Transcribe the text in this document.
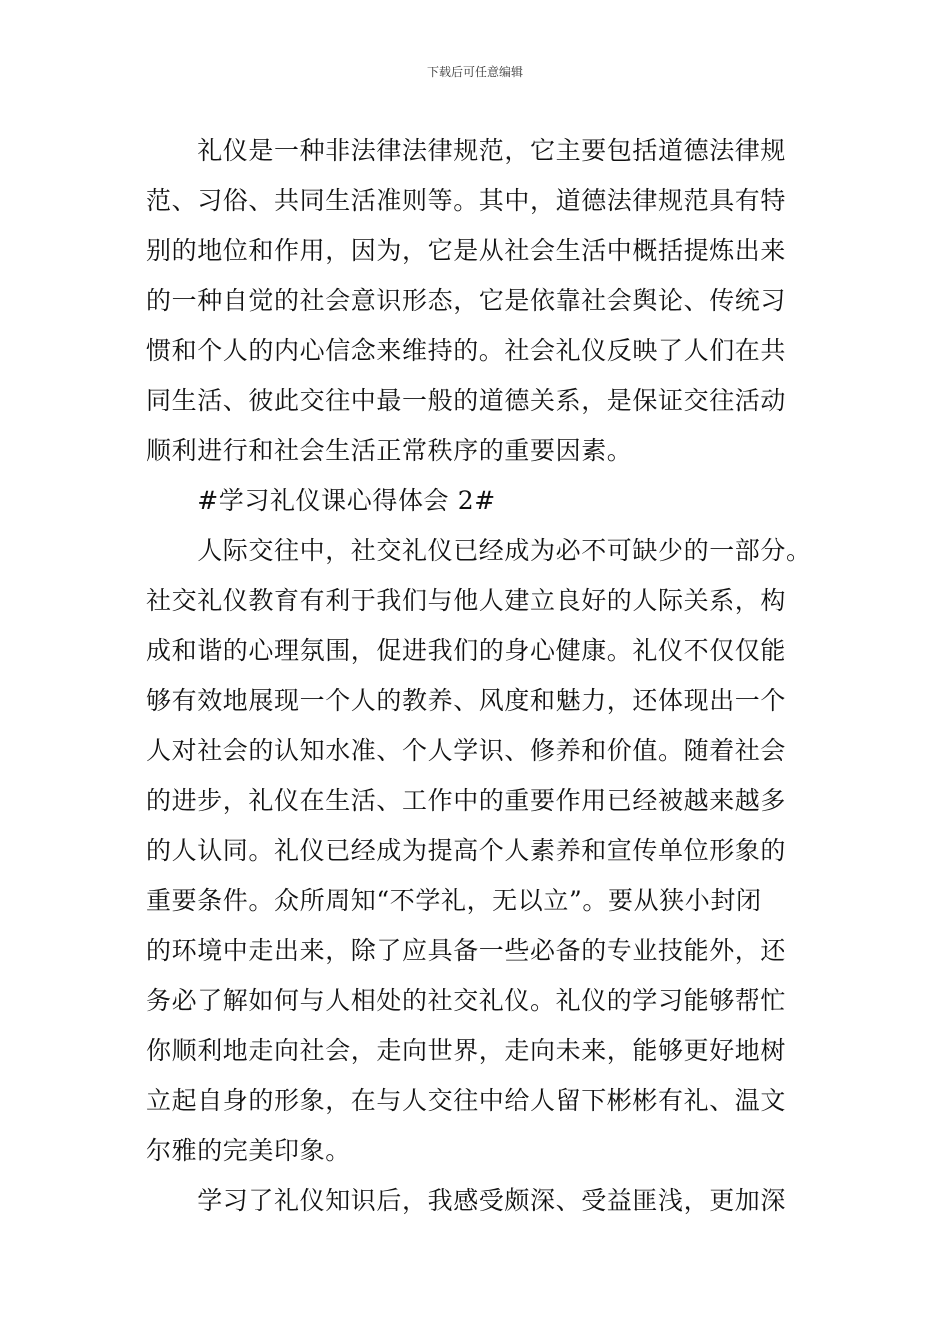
下载后可任意编辑
　　礼仪是一种非法律法律规范，它主要包括道德法律规
范、习俗、共同生活准则等。其中，道德法律规范具有特
别的地位和作用，因为，它是从社会生活中概括提炼出来
的一种自觉的社会意识形态，它是依靠社会舆论、传统习
惯和个人的内心信念来维持的。社会礼仪反映了人们在共
同生活、彼此交往中最一般的道德关系，是保证交往活动
顺利进行和社会生活正常秩序的重要因素。
　　#学习礼仪课心得体会 2#
　　人际交往中，社交礼仪已经成为必不可缺少的一部分。
社交礼仪教育有利于我们与他人建立良好的人际关系，构
成和谐的心理氛围，促进我们的身心健康。礼仪不仅仅能
够有效地展现一个人的教养、风度和魅力，还体现出一个
人对社会的认知水准、个人学识、修养和价值。随着社会
的进步，礼仪在生活、工作中的重要作用已经被越来越多
的人认同。礼仪已经成为提高个人素养和宣传单位形象的
重要条件。众所周知“不学礼，无以立”。要从狭小封闭
的环境中走出来，除了应具备一些必备的专业技能外，还
务必了解如何与人相处的社交礼仪。礼仪的学习能够帮忙
你顺利地走向社会，走向世界，走向未来，能够更好地树
立起自身的形象，在与人交往中给人留下彬彬有礼、温文
尔雅的完美印象。
　　学习了礼仪知识后，我感受颇深、受益匪浅，更加深
